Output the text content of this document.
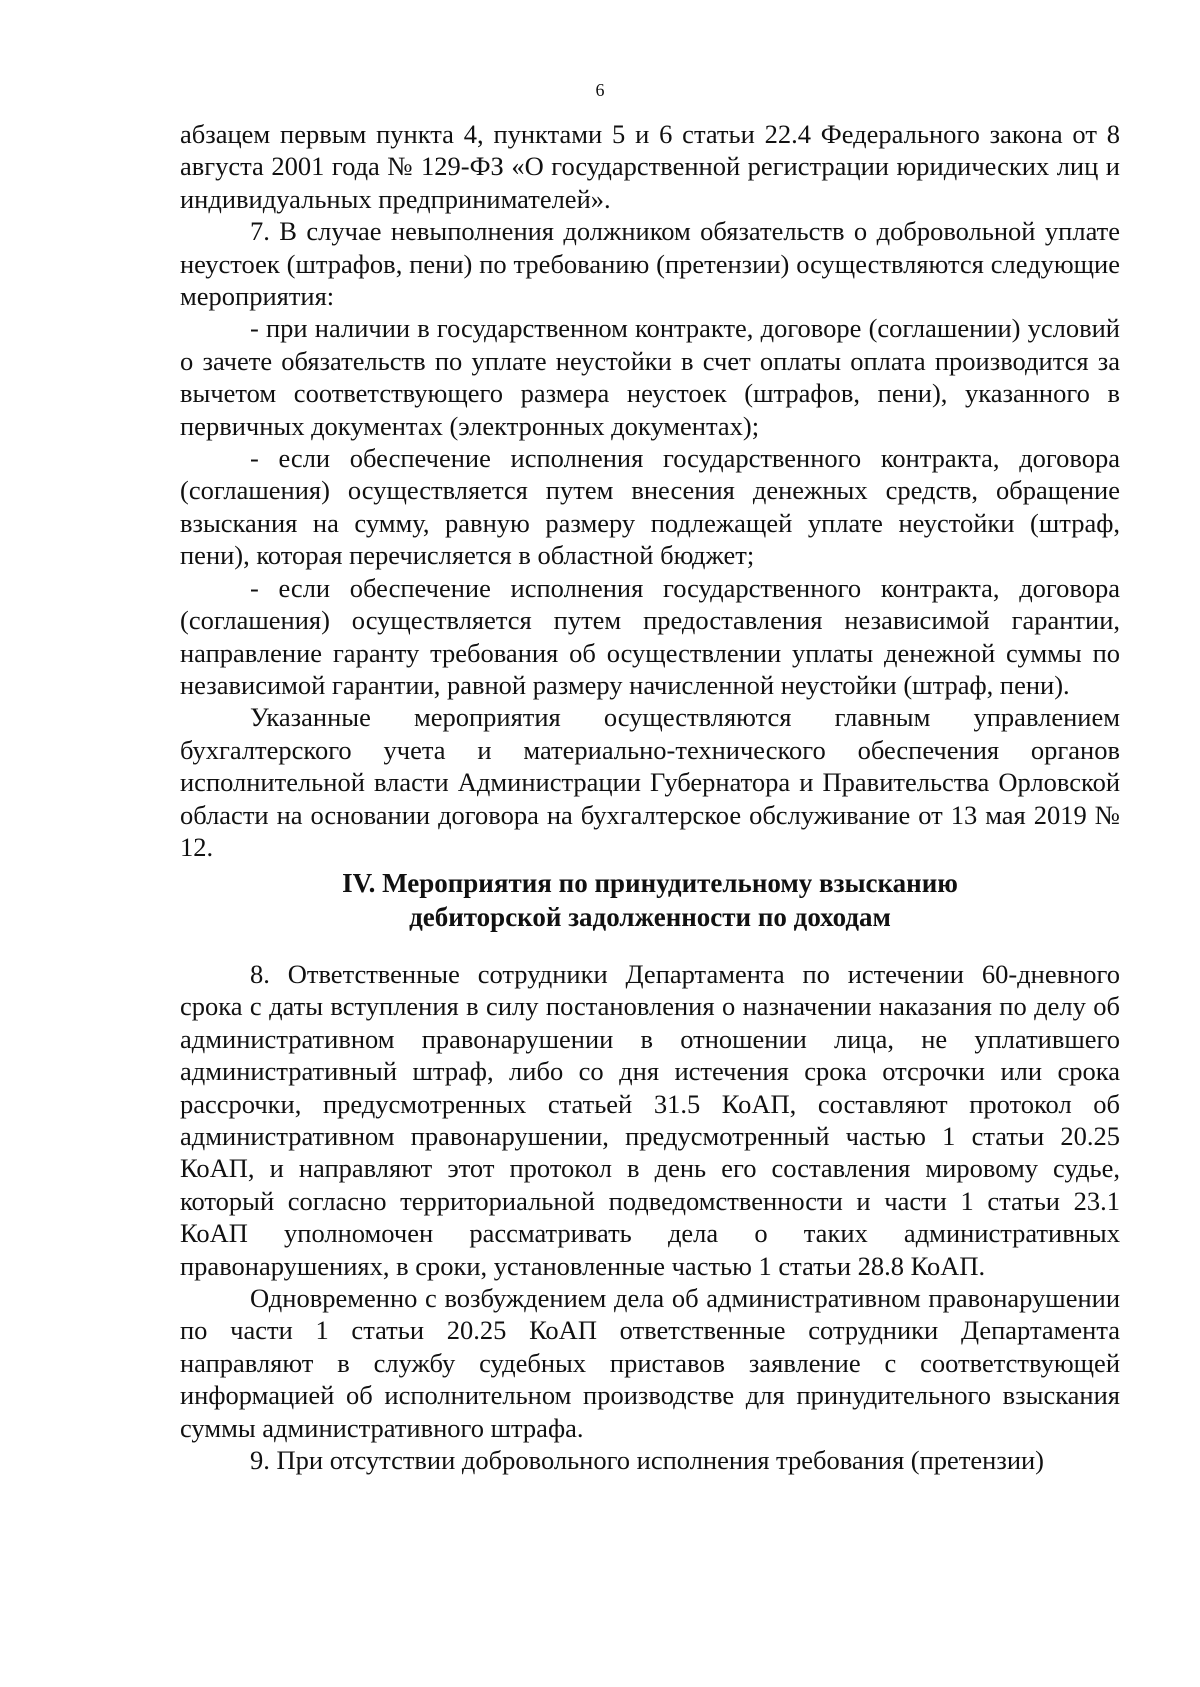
6

абзацем первым пункта 4, пунктами 5 и 6 статьи 22.4 Федерального закона от 8 августа 2001 года № 129-ФЗ «О государственной регистрации юридических лиц и индивидуальных предпринимателей».

7. В случае невыполнения должником обязательств о добровольной уплате неустоек (штрафов, пени) по требованию (претензии) осуществляются следующие мероприятия:

- при наличии в государственном контракте, договоре (соглашении) условий о зачете обязательств по уплате неустойки в счет оплаты оплата производится за вычетом соответствующего размера неустоек (штрафов, пени), указанного в первичных документах (электронных документах);

- если обеспечение исполнения государственного контракта, договора (соглашения) осуществляется путем внесения денежных средств, обращение взыскания на сумму, равную размеру подлежащей уплате неустойки (штраф, пени), которая перечисляется в областной бюджет;

- если обеспечение исполнения государственного контракта, договора (соглашения) осуществляется путем предоставления независимой гарантии, направление гаранту требования об осуществлении уплаты денежной суммы по независимой гарантии, равной размеру начисленной неустойки (штраф, пени).

Указанные мероприятия осуществляются главным управлением бухгалтерского учета и материально-технического обеспечения органов исполнительной власти Администрации Губернатора и Правительства Орловской области на основании договора на бухгалтерское обслуживание от 13 мая 2019 № 12.

IV. Мероприятия по принудительному взысканию
дебиторской задолженности по доходам

8. Ответственные сотрудники Департамента по истечении 60-дневного срока с даты вступления в силу постановления о назначении наказания по делу об административном правонарушении в отношении лица, не уплатившего административный штраф, либо со дня истечения срока отсрочки или срока рассрочки, предусмотренных статьей 31.5 КоАП, составляют протокол об административном правонарушении, предусмотренный частью 1 статьи 20.25 КоАП, и направляют этот протокол в день его составления мировому судье, который согласно территориальной подведомственности и части 1 статьи 23.1 КоАП уполномочен рассматривать дела о таких административных правонарушениях, в сроки, установленные частью 1 статьи 28.8 КоАП.

Одновременно с возбуждением дела об административном правонарушении по части 1 статьи 20.25 КоАП ответственные сотрудники Департамента направляют в службу судебных приставов заявление с соответствующей информацией об исполнительном производстве для принудительного взыскания суммы административного штрафа.

9. При отсутствии добровольного исполнения требования (претензии)
